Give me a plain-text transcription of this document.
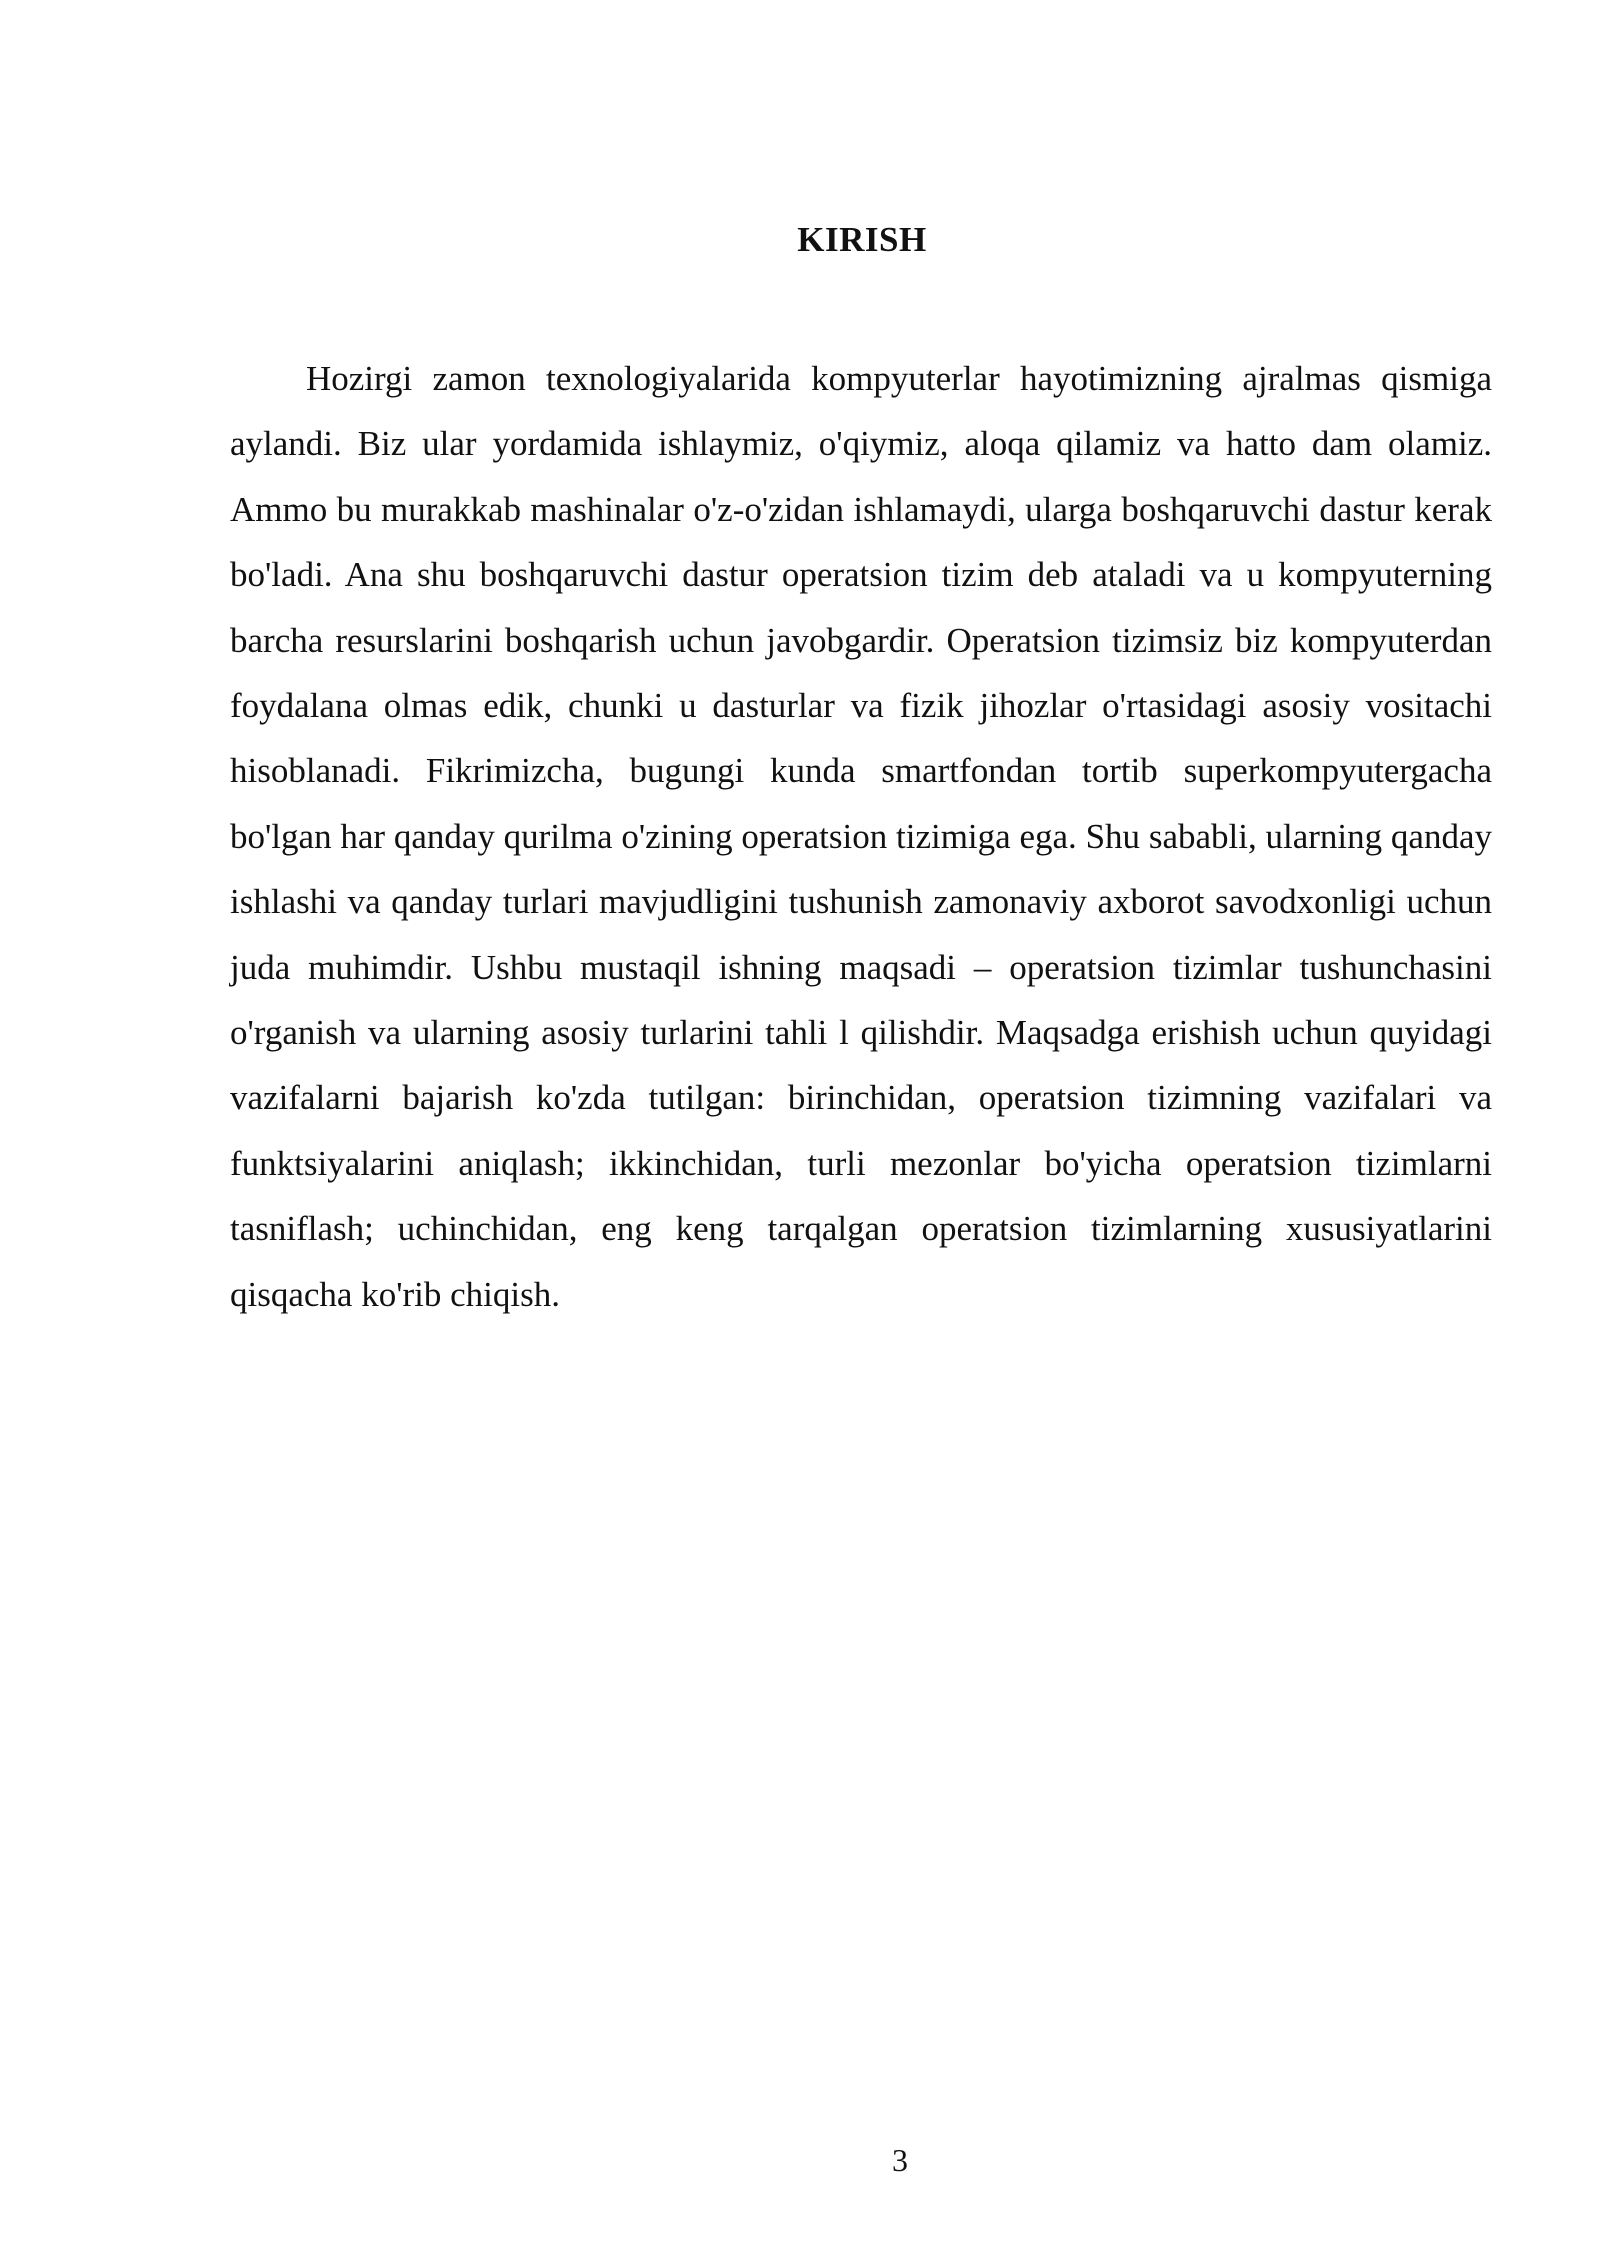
KIRISH

Hozirgi zamon texnologiyalarida kompyuterlar hayotimizning ajralmas qismiga aylandi. Biz ular yordamida ishlaymiz, o'qiymiz, aloqa qilamiz va hatto dam olamiz. Ammo bu murakkab mashinalar o'z-o'zidan ishlamaydi, ularga boshqaruvchi dastur kerak bo'ladi. Ana shu boshqaruvchi dastur operatsion tizim deb ataladi va u kompyuterning barcha resurslarini boshqarish uchun javobgardir. Operatsion tizimsiz biz kompyuterdan foydalana olmas edik, chunki u dasturlar va fizik jihozlar o'rtasidagi asosiy vositachi hisoblanadi. Fikrimizcha, bugungi kunda smartfondan tortib superkompyutergacha bo'lgan har qanday qurilma o'zining operatsion tizimiga ega. Shu sababli, ularning qanday ishlashi va qanday turlari mavjudligini tushunish zamonaviy axborot savodxonligi uchun juda muhimdir. Ushbu mustaqil ishning maqsadi – operatsion tizimlar tushunchasini o'rganish va ularning asosiy turlarini tahli l qilishdir. Maqsadga erishish uchun quyidagi vazifalarni bajarish ko'zda tutilgan: birinchidan, operatsion tizimning vazifalari va funktsiyalarini aniqlash; ikkinchidan, turli mezonlar bo'yicha operatsion tizimlarni tasniflash; uchinchidan, eng keng tarqalgan operatsion tizimlarning xususiyatlarini qisqacha ko'rib chiqish.

3
